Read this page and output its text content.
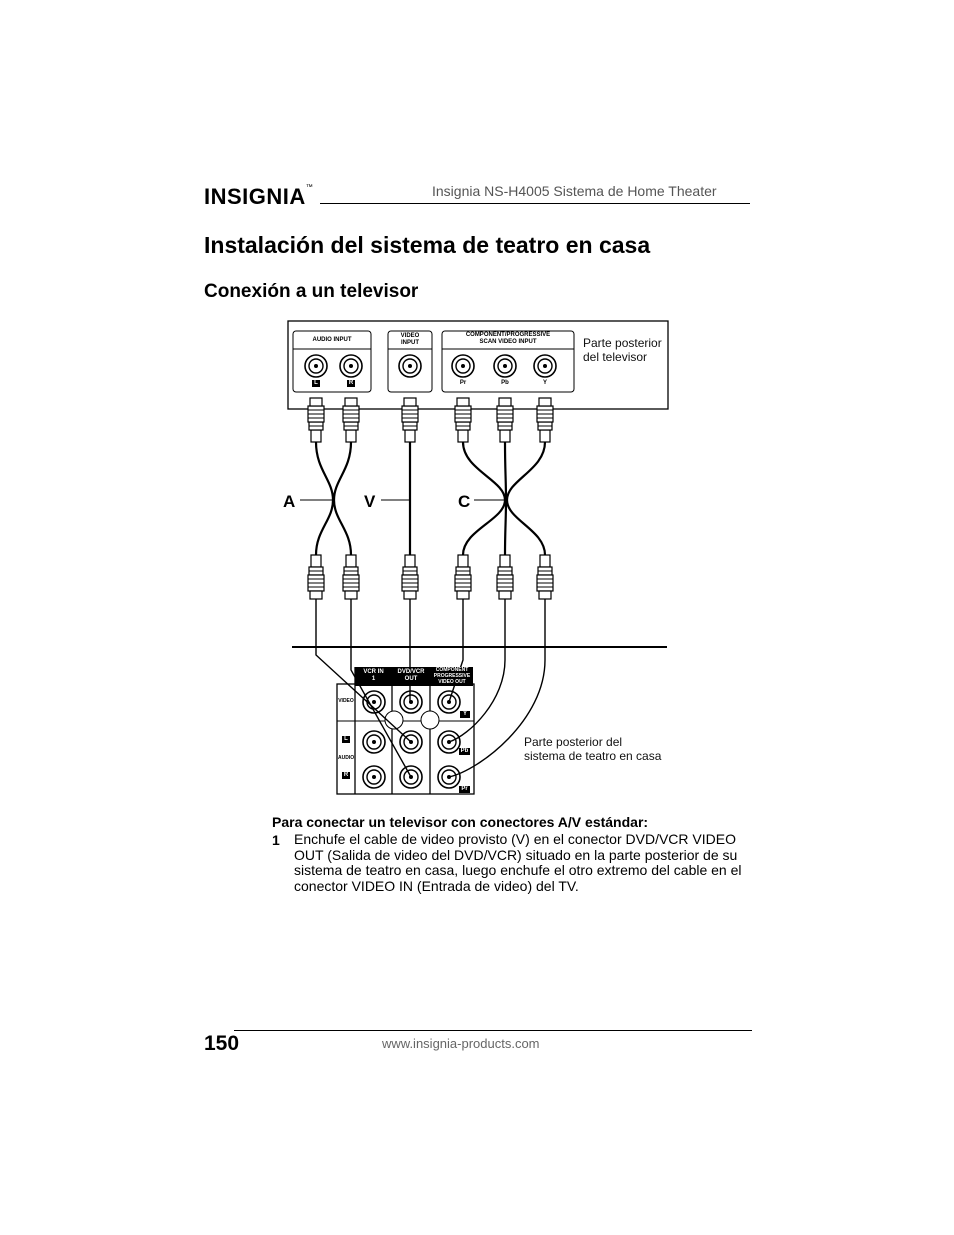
INSIGNIA™	Insignia NS-H4005 Sistema de Home Theater
Instalación del sistema de teatro en casa
Conexión a un televisor
AUDIO INPUT
VIDEO
INPUT
COMPONENT/PROGRESSIVE
SCAN VIDEO INPUT
L	R	Pr	Pb	Y
Parte posterior del televisor
A	V	C
VCR IN
1
DVD/VCR
OUT
COMPONENT
PROGRESSIVE
VIDEO OUT
VIDEO
L
AUDIO
R
Y
Pb
Pr
Parte posterior del sistema de teatro en casa
Para conectar un televisor con conectores A/V estándar:
1 Enchufe el cable de video provisto (V) en el conector DVD/VCR VIDEO OUT (Salida de video del DVD/VCR) situado en la parte posterior de su sistema de teatro en casa, luego enchufe el otro extremo del cable en el conector VIDEO IN (Entrada de video) del TV.

150	www.insignia-products.com
